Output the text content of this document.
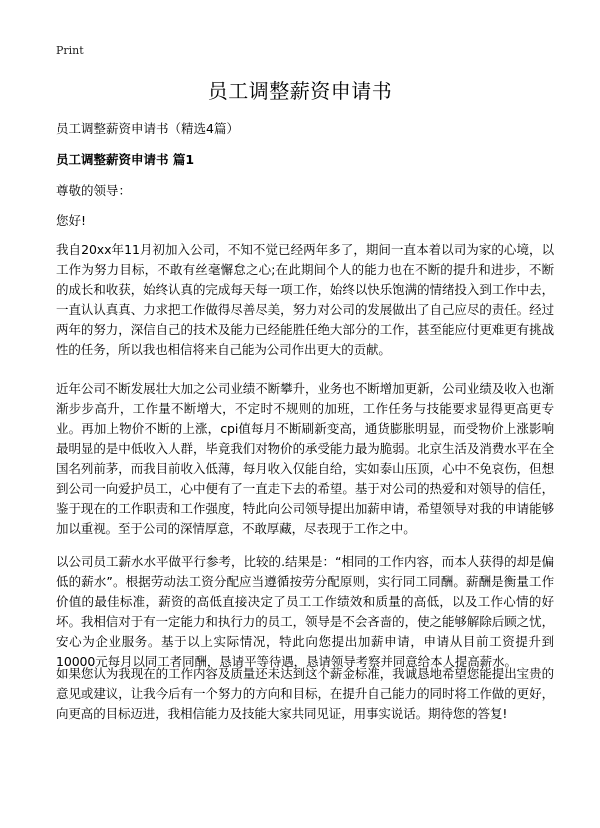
Print
员工调整薪资申请书

员工调整薪资申请书（精选4篇）

员工调整薪资申请书 篇1

尊敬的领导：

您好!

我自20xx年11月初加入公司，不知不觉已经两年多了，期间一直本着以司为家的心境，以工作为努力目标，不敢有丝毫懈怠之心;在此期间个人的能力也在不断的提升和进步，不断的成长和收获，始终认真的完成每天每一项工作，始终以快乐饱满的情绪投入到工作中去，一直认认真真、力求把工作做得尽善尽美，努力对公司的发展做出了自己应尽的责任。经过两年的努力，深信自己的技术及能力已经能胜任绝大部分的工作，甚至能应付更难更有挑战性的任务，所以我也相信将来自己能为公司作出更大的贡献。

近年公司不断发展壮大加之公司业绩不断攀升，业务也不断增加更新，公司业绩及收入也渐渐步步高升，工作量不断增大，不定时不规则的加班，工作任务与技能要求显得更高更专业。再加上物价不断的上涨，cpi值每月不断刷新变高，通货膨胀明显，而受物价上涨影响最明显的是中低收入人群，毕竟我们对物价的承受能力最为脆弱。北京生活及消费水平在全国名列前茅，而我目前收入低薄，每月收入仅能自给，实如泰山压顶，心中不免哀伤，但想到公司一向爱护员工，心中便有了一直走下去的希望。基于对公司的热爱和对领导的信任，鉴于现在的工作职责和工作强度，特此向公司领导提出加薪申请，希望领导对我的申请能够加以重视。至于公司的深情厚意，不敢厚藏，尽表现于工作之中。

以公司员工薪水水平做平行参考，比较的.结果是：“相同的工作内容，而本人获得的却是偏低的薪水”。根据劳动法工资分配应当遵循按劳分配原则，实行同工同酬。薪酬是衡量工作价值的最佳标准，薪资的高低直接决定了员工工作绩效和质量的高低，以及工作心情的好坏。我相信对于有一定能力和执行力的员工，领导是不会吝啬的，使之能够解除后顾之忧，安心为企业服务。基于以上实际情况，特此向您提出加薪申请，申请从目前工资提升到10000元每月以同工者同酬，恳请平等待遇，恳请领导考察并同意给本人提高薪水。

如果您认为我现在的工作内容及质量还未达到这个薪金标准，我诚恳地希望您能提出宝贵的意见或建议，让我今后有一个努力的方向和目标，在提升自己能力的同时将工作做的更好，向更高的目标迈进，我相信能力及技能大家共同见证，用事实说话。期待您的答复!
